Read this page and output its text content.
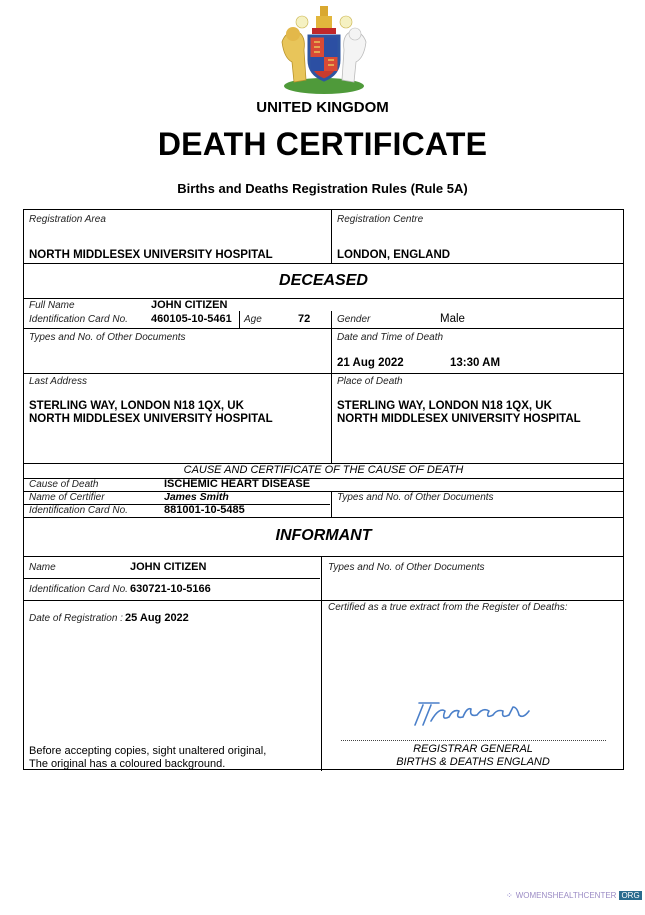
UNITED KINGDOM
DEATH CERTIFICATE
Births and Deaths Registration Rules (Rule 5A)
Registration Area
NORTH MIDDLESEX UNIVERSITY HOSPITAL
Registration Centre
LONDON, ENGLAND
DECEASED
Full Name	JOHN CITIZEN
Identification Card No. 460105-10-5461 Age	72	Gender	Male
Types and No. of Other Documents	Date and Time of Death
21 Aug 2022	13:30 AM
Last Address
STERLING WAY, LONDON N18 1QX, UK
NORTH MIDDLESEX UNIVERSITY HOSPITAL
Place of Death
STERLING WAY, LONDON N18 1QX, UK
NORTH MIDDLESEX UNIVERSITY HOSPITAL
CAUSE AND CERTIFICATE OF THE CAUSE OF DEATH
Cause of Death	ISCHEMIC HEART DISEASE
Name of Certifier	James Smith	Types and No. of Other Documents
Identification Card No.	881001-10-5485
INFORMANT
Name	JOHN CITIZEN
Identification Card No. 630721-10-5166
Types and No. of Other Documents
Date of Registration : 25 Aug 2022
Certified as a true extract from the Register of Deaths:
Before accepting copies, sight unaltered original,
The original has a coloured background.
REGISTRAR GENERAL
BIRTHS & DEATHS ENGLAND
⁘ WOMENSHEALTHCENTER ORG
